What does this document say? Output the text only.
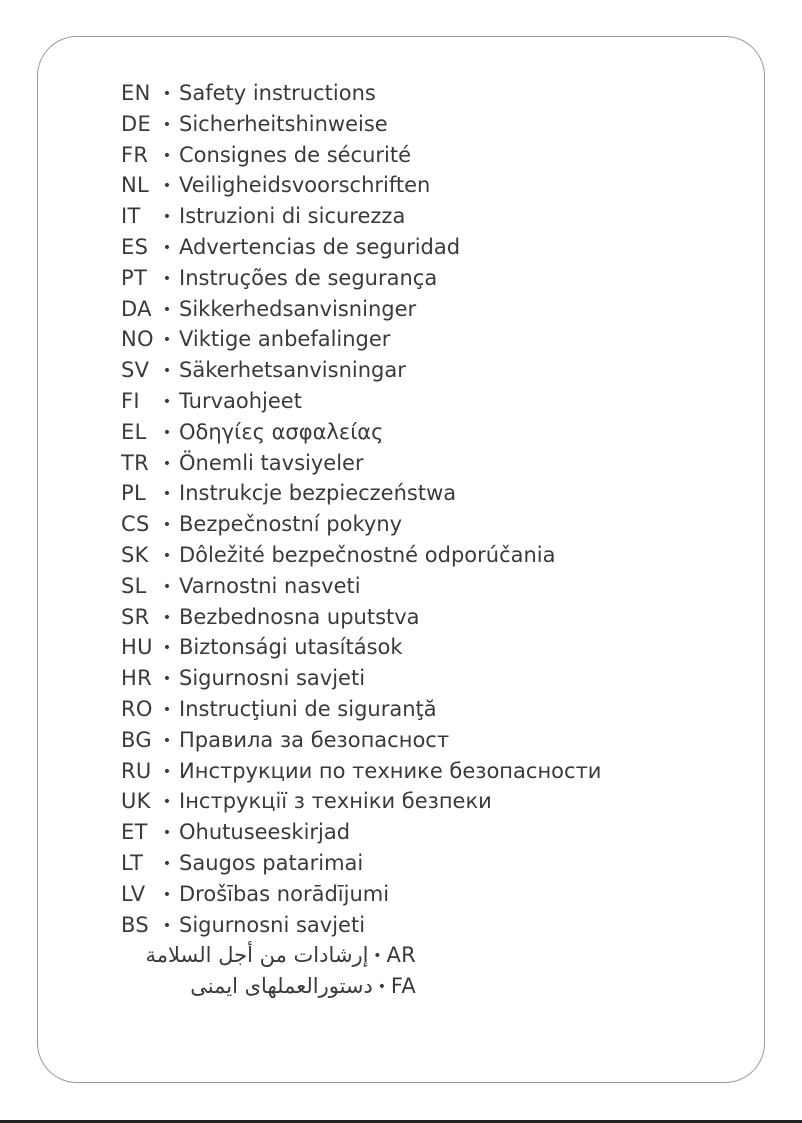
EN • Safety instructions
DE • Sicherheitshinweise
FR • Consignes de sécurité
NL • Veiligheidsvoorschriften
IT • Istruzioni di sicurezza
ES • Advertencias de seguridad
PT • Instruções de segurança
DA • Sikkerhedsanvisninger
NO • Viktige anbefalinger
SV • Säkerhetsanvisningar
FI • Turvaohjeet
EL • Οδηγίες ασφαλείας
TR • Önemli tavsiyeler
PL • Instrukcje bezpieczeństwa
CS • Bezpečnostní pokyny
SK • Dôležité bezpečnostné odporúčania
SL • Varnostni nasveti
SR • Bezbednosna uputstva
HU • Biztonsági utasítások
HR • Sigurnosni savjeti
RO • Instrucţiuni de siguranţă
BG • Правила за безопасност
RU • Инструкции по технике безопасности
UK • Інструкції з техніки безпеки
ET • Ohutuseeskirjad
LT • Saugos patarimai
LV • Drošības norādījumi
BS • Sigurnosni savjeti
إرشادات من أجل السلامة • AR
دستورالعملهای ایمنی • FA
